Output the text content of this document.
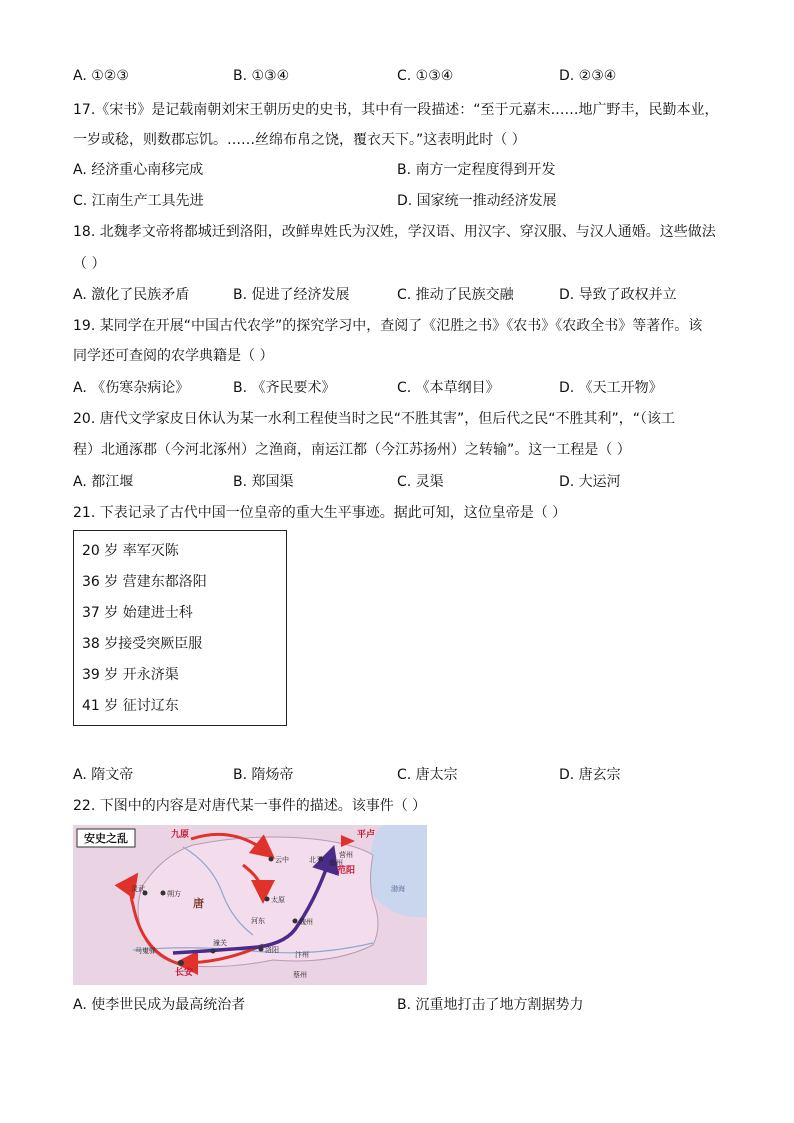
A. ①②③	B. ①③④	C. ①③④	D. ②③④
17.《宋书》是记载南朝刘宋王朝历史的史书，其中有一段描述：“至于元嘉末……地广野丰，民勤本业，
一岁或稔，则数郡忘饥。……丝绵布帛之饶，覆衣天下。”这表明此时（ ）
A. 经济重心南移完成	B. 南方一定程度得到开发
C. 江南生产工具先进	D. 国家统一推动经济发展
18. 北魏孝文帝将都城迁到洛阳，改鲜卑姓氏为汉姓，学汉语、用汉字、穿汉服、与汉人通婚。这些做法
（ ）
A. 激化了民族矛盾	B. 促进了经济发展	C. 推动了民族交融	D. 导致了政权并立
19. 某同学在开展“中国古代农学”的探究学习中，查阅了《氾胜之书》《农书》《农政全书》等著作。该
同学还可查阅的农学典籍是（ ）
A. 《伤寒杂病论》	B. 《齐民要术》	C. 《本草纲目》	D. 《天工开物》
20. 唐代文学家皮日休认为某一水利工程使当时之民“不胜其害”，但后代之民“不胜其利”，“（该工
程）北通涿郡（今河北涿州）之渔商，南运江都（今江苏扬州）之转输”。这一工程是（ ）
A. 都江堰	B. 郑国渠	C. 灵渠	D. 大运河
21. 下表记录了古代中国一位皇帝的重大生平事迹。据此可知，这位皇帝是（ ）
20 岁 率军灭陈
36 岁 营建东都洛阳
37 岁 始建进士科
38 岁接受突厥臣服
39 岁 开永济渠
41 岁 征讨辽东
A. 隋文帝	B. 隋炀帝	C. 唐太宗	D. 唐玄宗
22. 下图中的内容是对唐代某一事件的描述。该事件（ ）
安史之乱	九原
云中
太原
河东
灵武
朔方
唐
北平
范阳
平卢
营州
幽州
魏州
潼关
洛阳
汴州
马嵬驿
长安	蔡州
渤海
A. 使李世民成为最高统治者	B. 沉重地打击了地方割据势力
